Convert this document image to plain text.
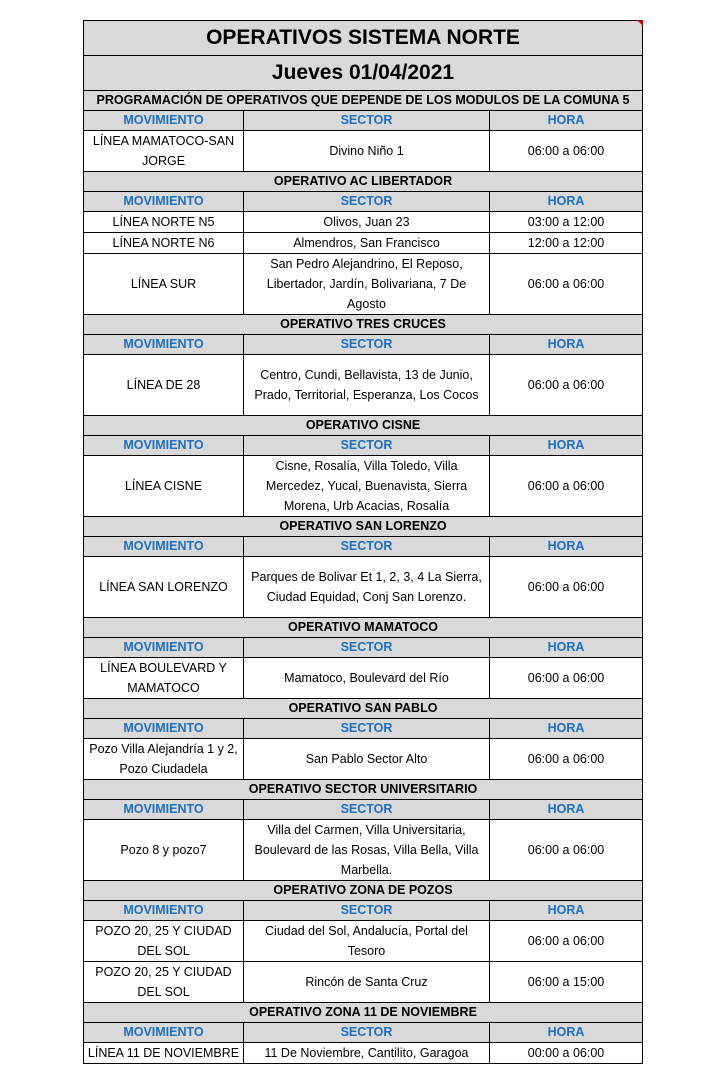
OPERATIVOS SISTEMA NORTE		
Jueves 01/04/2021		
PROGRAMACIÓN DE OPERATIVOS QUE DEPENDE DE LOS MODULOS DE LA COMUNA 5		
MOVIMIENTO	SECTOR	HORA
LÍNEA MAMATOCO-SAN JORGE	Divino Niño 1	06:00 a 06:00
OPERATIVO AC LIBERTADOR		
MOVIMIENTO	SECTOR	HORA
LÍNEA NORTE N5	Olivos, Juan 23	03:00 a 12:00
LÍNEA NORTE N6	Almendros, San Francisco	12:00 a 12:00
LÍNEA SUR	San Pedro Alejandrino, El Reposo, Libertador, Jardín, Bolivariana, 7 De Agosto	06:00 a 06:00
OPERATIVO TRES CRUCES		
MOVIMIENTO	SECTOR	HORA
LÍNEA DE 28	Centro, Cundi, Bellavista, 13 de Junio, Prado, Territorial, Esperanza, Los Cocos	06:00 a 06:00
OPERATIVO CISNE		
MOVIMIENTO	SECTOR	HORA
LÍNEA CISNE	Cisne, Rosalía, Villa Toledo, Villa Mercedez, Yucal, Buenavista, Sierra Morena, Urb Acacias, Rosalía	06:00 a 06:00
OPERATIVO SAN LORENZO		
MOVIMIENTO	SECTOR	HORA
LÍNEA SAN LORENZO	Parques de Bolivar Et 1, 2, 3, 4 La Sierra, Ciudad Equidad, Conj San Lorenzo.	06:00 a 06:00
OPERATIVO MAMATOCO		
MOVIMIENTO	SECTOR	HORA
LÍNEA BOULEVARD Y MAMATOCO	Mamatoco, Boulevard del Río	06:00 a 06:00
OPERATIVO SAN PABLO		
MOVIMIENTO	SECTOR	HORA
Pozo Villa Alejandría 1 y 2, Pozo Ciudadela	San Pablo Sector Alto	06:00 a 06:00
OPERATIVO SECTOR UNIVERSITARIO		
MOVIMIENTO	SECTOR	HORA
Pozo 8 y pozo7	Villa del Carmen, Villa Universitaria, Boulevard de las Rosas, Villa Bella, Villa Marbella.	06:00 a 06:00
OPERATIVO ZONA DE POZOS		
MOVIMIENTO	SECTOR	HORA
POZO 20, 25 Y CIUDAD DEL SOL	Ciudad del Sol, Andalucía, Portal del Tesoro	06:00 a 06:00
POZO 20, 25 Y CIUDAD DEL SOL	Rincón de Santa Cruz	06:00 a 15:00
OPERATIVO ZONA 11 DE NOVIEMBRE		
MOVIMIENTO	SECTOR	HORA
LÍNEA 11 DE NOVIEMBRE	11 De Noviembre, Cantilito, Garagoa	00:00 a 06:00
